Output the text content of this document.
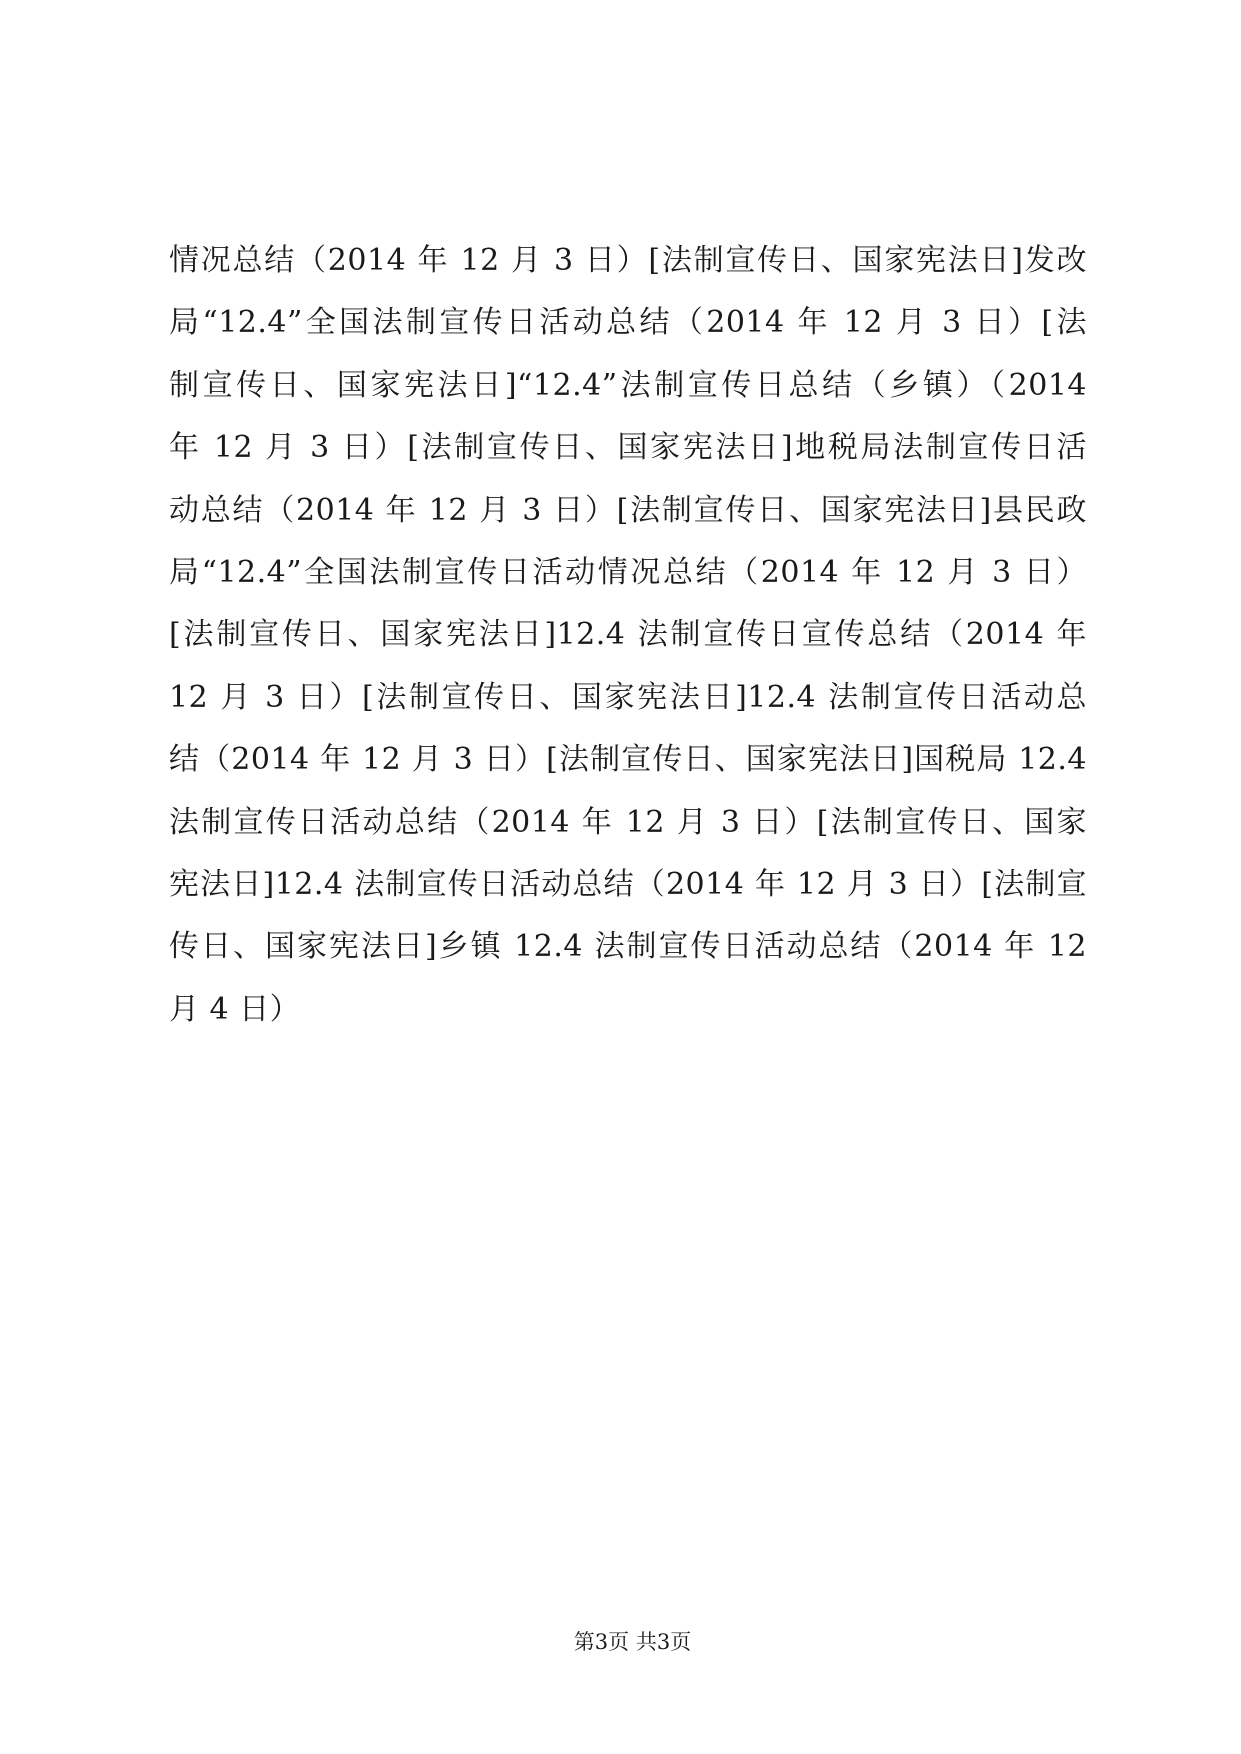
情况总结（2014 年 12 月 3 日）[法制宣传日、国家宪法日]发改
局“12.4”全国法制宣传日活动总结（2014 年 12 月 3 日）[法
制宣传日、国家宪法日]“12.4”法制宣传日总结（乡镇）（2014
年 12 月 3 日）[法制宣传日、国家宪法日]地税局法制宣传日活
动总结（2014 年 12 月 3 日）[法制宣传日、国家宪法日]县民政
局“12.4”全国法制宣传日活动情况总结（2014 年 12 月 3 日）
[法制宣传日、国家宪法日]12.4 法制宣传日宣传总结（2014 年
12 月 3 日）[法制宣传日、国家宪法日]12.4 法制宣传日活动总
结（2014 年 12 月 3 日）[法制宣传日、国家宪法日]国税局 12.4
法制宣传日活动总结（2014 年 12 月 3 日）[法制宣传日、国家
宪法日]12.4 法制宣传日活动总结（2014 年 12 月 3 日）[法制宣
传日、国家宪法日]乡镇 12.4 法制宣传日活动总结（2014 年 12
月 4 日）
第3页 共3页
